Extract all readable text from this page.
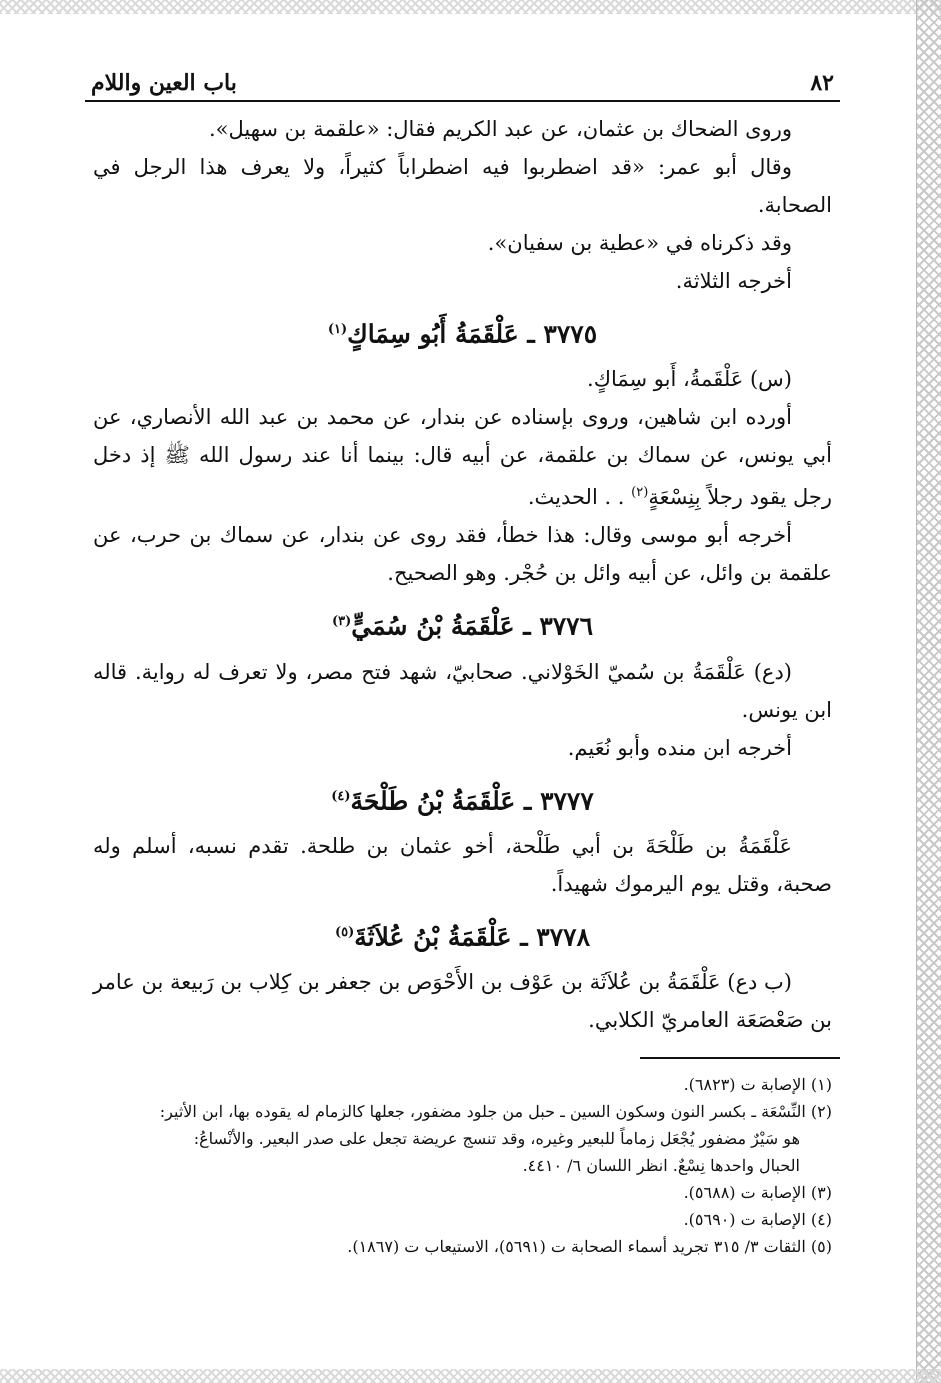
٨٢
باب العين واللام

وروى الضحاك بن عثمان، عن عبد الكريم فقال: «علقمة بن سهيل».

وقال أبو عمر: «قد اضطربوا فيه اضطراباً كثيراً، ولا يعرف هذا الرجل في الصحابة.

وقد ذكرناه في «عطية بن سفيان».

أخرجه الثلاثة.

٣٧٧٥ ـ عَلْقَمَةُ أَبُو سِمَاكٍ$^{(١)}$

(س) عَلْقَمةُ، أَبو سِمَاكٍ.

أورده ابن شاهين، وروى بإسناده عن بندار، عن محمد بن عبد الله الأنصاري، عن أبي يونس، عن سماك بن علقمة، عن أبيه قال: بينما أنا عند رسول الله ﷺ إذ دخل رجل يقود رجلاً بِنِسْعَةٍ$^{(٢)}$ . . الحديث.

أخرجه أبو موسى وقال: هذا خطأ، فقد روى عن بندار، عن سماك بن حرب، عن علقمة بن وائل، عن أبيه وائل بن حُجْر. وهو الصحيح.

٣٧٧٦ ـ عَلْقَمَةُ بْنُ سُمَيٍّ$^{(٣)}$

(دع) عَلْقَمَةُ بن سُميّ الخَوْلاني. صحابيّ، شهد فتح مصر، ولا تعرف له رواية. قاله ابن يونس.

أخرجه ابن منده وأبو نُعَيم.

٣٧٧٧ ـ عَلْقَمَةُ بْنُ طَلْحَةَ$^{(٤)}$

عَلْقَمَةُ بن طَلْحَةَ بن أبي طَلْحة، أخو عثمان بن طلحة. تقدم نسبه، أسلم وله صحبة، وقتل يوم اليرموك شهيداً.

٣٧٧٨ ـ عَلْقَمَةُ بْنُ عُلاَثَةَ$^{(٥)}$

(ب دع) عَلْقَمَةُ بن عُلاَثَة بن عَوْف بن الأَحْوَص بن جعفر بن كِلاب بن رَبيعة بن عامر بن صَعْصَعَة العامريّ الكلابي.

(١) الإصابة ت (٦٨٢٣).

(٢) النِّسْعَة ـ بكسر النون وسكون السين ـ حبل من جلود مضفور، جعلها كالزمام له يقوده بها، ابن الأثير:

هو سَيْرٌ مضفور يُجْعَل زماماً للبعير وغيره، وقد تنسج عريضة تجعل على صدر البعير. والأنْساعُ:

الحبال واحدها نِسْعٌ. انظر اللسان ٦/ ٤٤١٠.

(٣) الإصابة ت (٥٦٨٨).

(٤) الإصابة ت (٥٦٩٠).

(٥) الثقات ٣/ ٣١٥ تجريد أسماء الصحابة ت (٥٦٩١)، الاستيعاب ت (١٨٦٧).
